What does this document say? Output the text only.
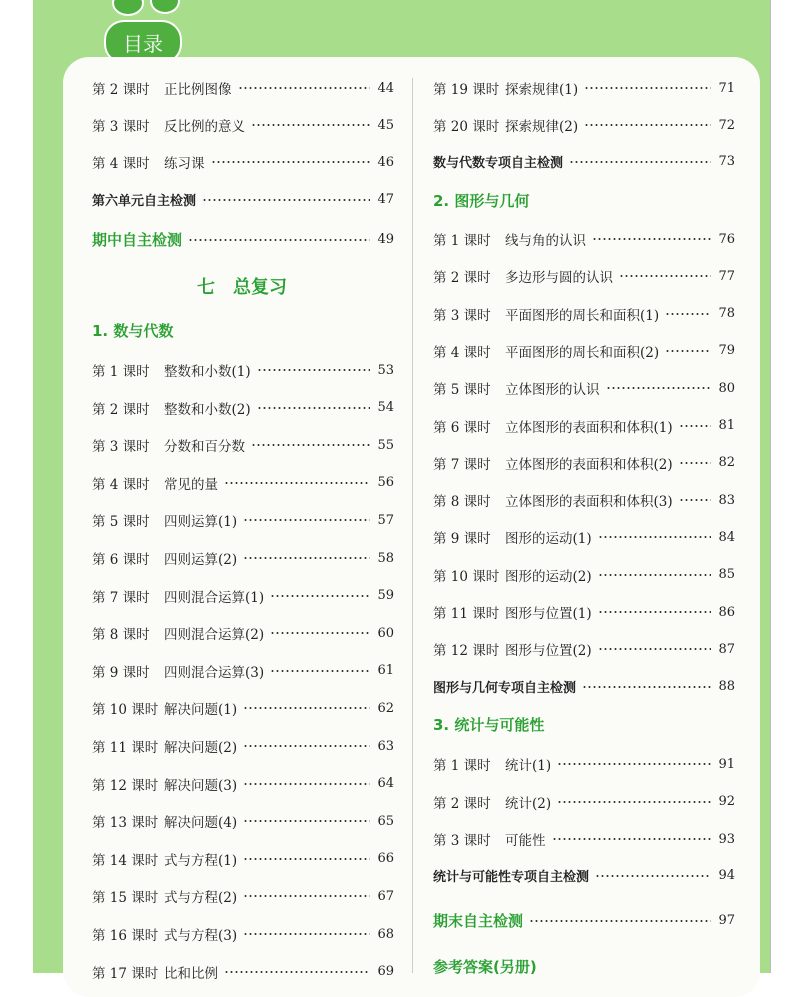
目录
第 2 课时	正比例图像	44
第 3 课时	反比例的意义	45
第 4 课时	练习课	46
第六单元自主检测	47
期中自主检测	49
七　总复习
1. 数与代数
第 1 课时	整数和小数(1)	53
第 2 课时	整数和小数(2)	54
第 3 课时	分数和百分数	55
第 4 课时	常见的量	56
第 5 课时	四则运算(1)	57
第 6 课时	四则运算(2)	58
第 7 课时	四则混合运算(1)	59
第 8 课时	四则混合运算(2)	60
第 9 课时	四则混合运算(3)	61
第 10 课时 解决问题(1)	62
第 11 课时 解决问题(2)	63
第 12 课时 解决问题(3)	64
第 13 课时 解决问题(4)	65
第 14 课时 式与方程(1)	66
第 15 课时 式与方程(2)	67
第 16 课时 式与方程(3)	68
第 17 课时 比和比例	69
第 19 课时 探索规律(1)	71
第 20 课时 探索规律(2)	72
数与代数专项自主检测	73
2. 图形与几何
第 1 课时	线与角的认识	76
第 2 课时	多边形与圆的认识	77
第 3 课时	平面图形的周长和面积(1)	78
第 4 课时	平面图形的周长和面积(2)	79
第 5 课时	立体图形的认识	80
第 6 课时	立体图形的表面积和体积(1)	81
第 7 课时	立体图形的表面积和体积(2)	82
第 8 课时	立体图形的表面积和体积(3)	83
第 9 课时	图形的运动(1)	84
第 10 课时 图形的运动(2)	85
第 11 课时 图形与位置(1)	86
第 12 课时 图形与位置(2)	87
图形与几何专项自主检测	88
3. 统计与可能性
第 1 课时	统计(1)	91
第 2 课时	统计(2)	92
第 3 课时	可能性	93
统计与可能性专项自主检测	94
期末自主检测	97
参考答案(另册)
